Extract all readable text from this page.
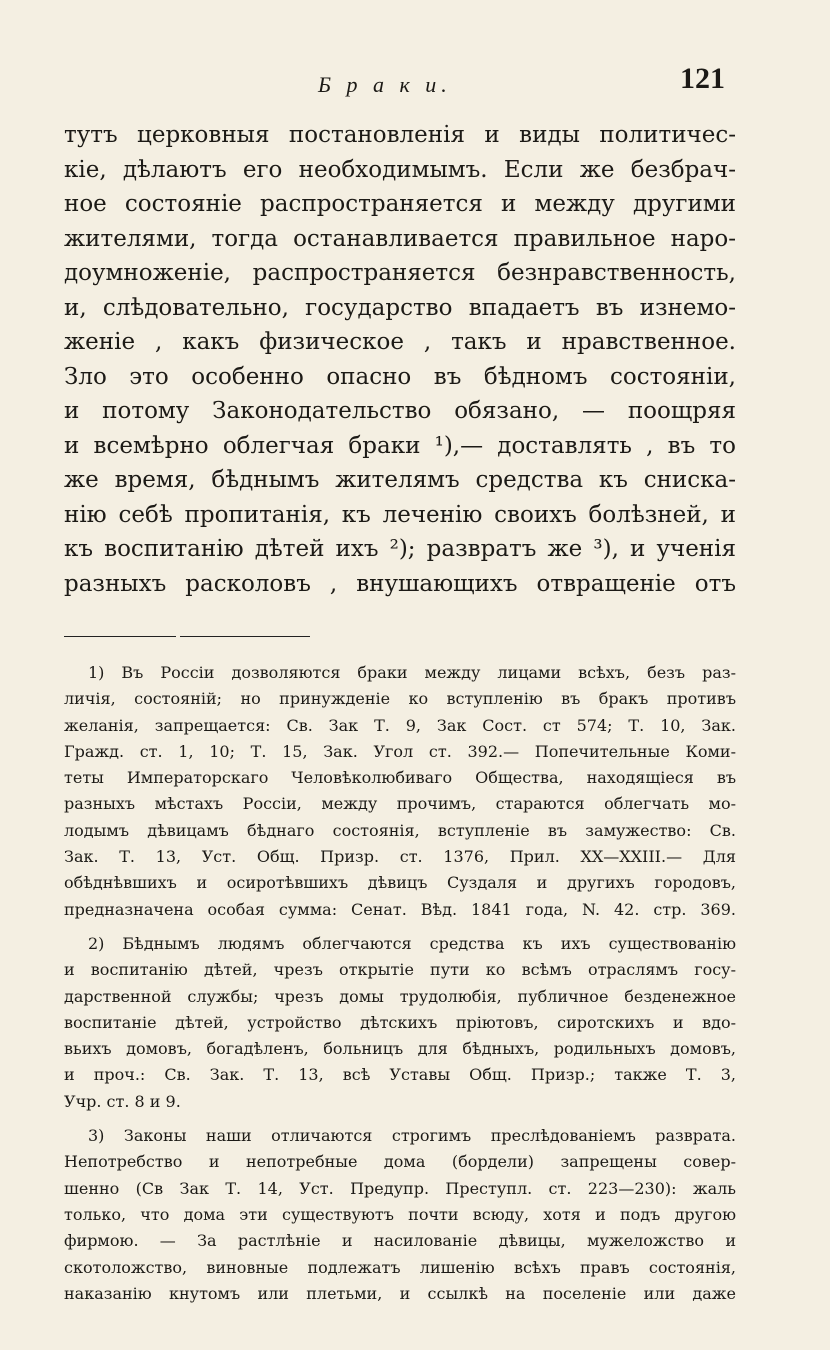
Б р а к и.	121
тутъ церковныя постановленія и виды политичес-
кіе, дѣлаютъ его необходимымъ. Если же безбрач-
ное состояніе распространяется и между другими
жителями, тогда останавливается правильное наро-
доумноженіе, распространяется безнравственность,
и, слѣдовательно, государство впадаетъ въ изнемо-
женіе , какъ физическое , такъ и нравственное.
Зло это особенно опасно въ бѣдномъ состояніи,
и потому Законодательство обязано, — поощряя
и всемѣрно облегчая браки ¹),— доставлять , въ то
же время, бѣднымъ жителямъ средства къ сниска-
нію себѣ пропитанія, къ леченію своихъ болѣзней, и
къ воспитанію дѣтей ихъ ²); развратъ же ³), и ученія
разныхъ расколовъ , внушающихъ отвращеніе отъ
1) Въ Россіи дозволяются браки между лицами всѣхъ, безъ раз-
личія, состояній; но принужденіе ко вступленію въ бракъ противъ
желанія, запрещается: Св. Зак Т. 9, Зак Сост. ст 574; Т. 10, Зак.
Гражд. ст. 1, 10; Т. 15, Зак. Угол ст. 392.— Попечительные Коми-
теты Императорскаго Человѣколюбиваго Общества, находящіеся въ
разныхъ мѣстахъ Россіи, между прочимъ, стараются облегчать мо-
лодымъ дѣвицамъ бѣднаго состоянія, вступленіе въ замужество: Св.
Зак. Т. 13, Уст. Общ. Призр. ст. 1376, Прил. XX—XXIII.— Для
обѣднѣвшихъ и осиротѣвшихъ дѣвицъ Суздаля и другихъ городовъ,
предназначена особая сумма: Сенат. Вѣд. 1841 года, N. 42. стр. 369.
2) Бѣднымъ людямъ облегчаются средства къ ихъ существованію
и воспитанію дѣтей, чрезъ открытіе пути ко всѣмъ отраслямъ госу-
дарственной службы; чрезъ домы трудолюбія, публичное безденежное
воспитаніе дѣтей, устройство дѣтскихъ пріютовъ, сиротскихъ и вдо-
вьихъ домовъ, богадѣленъ, больницъ для бѣдныхъ, родильныхъ домовъ,
и проч.: Св. Зак. Т. 13, всѣ Уставы Общ. Призр.; также Т. 3,
Учр. ст. 8 и 9.
3) Законы наши отличаются строгимъ преслѣдованіемъ разврата.
Непотребство и непотребные дома (бордели) запрещены совер-
шенно (Св Зак Т. 14, Уст. Предупр. Преступл. ст. 223—230): жаль
только, что дома эти существуютъ почти всюду, хотя и подъ другою
фирмою. — За растлѣніе и насилованіе дѣвицы, мужеложство и
скотоложство, виновные подлежатъ лишенію всѣхъ правъ состоянія,
наказанію кнутомъ или плетьми, и ссылкѣ на поселеніе или даже
